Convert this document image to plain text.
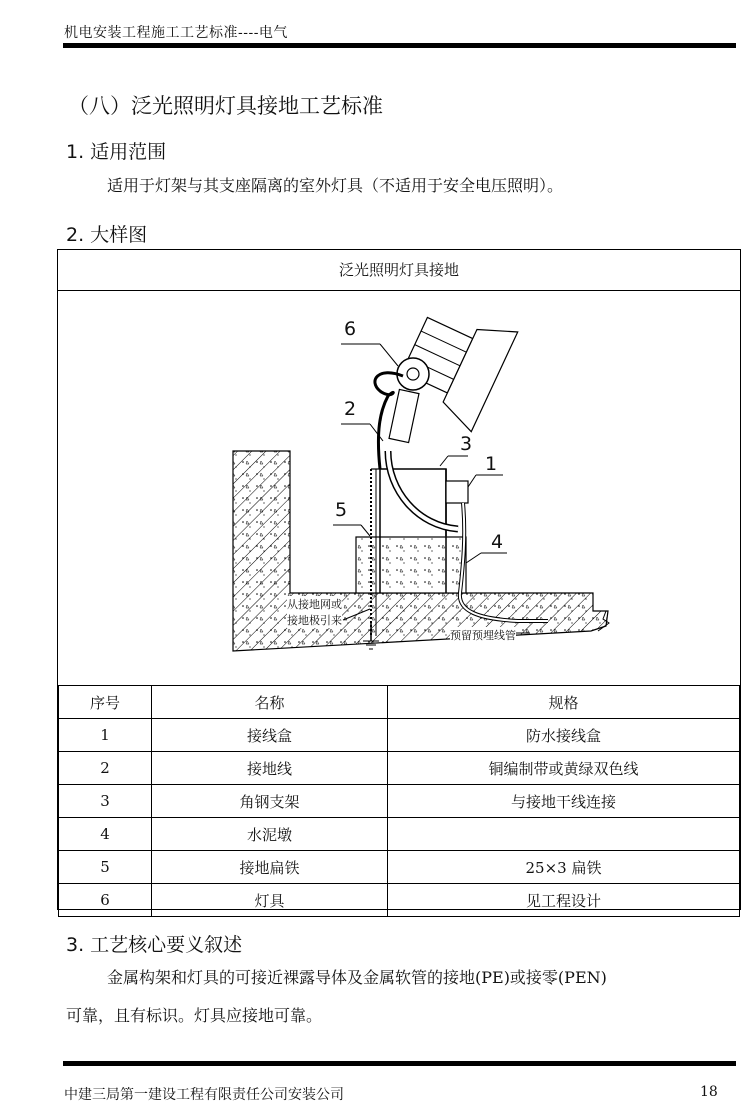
机电安装工程施工工艺标准----电气
（八）泛光照明灯具接地工艺标准
1. 适用范围
适用于灯架与其支座隔离的室外灯具（不适用于安全电压照明）。
2. 大样图
泛光照明灯具接地
6
2
3
1
5
4
从接地网或
接地极引来
预留预埋线管
序号	名称	规格
1	接线盒	防水接线盒
2	接地线	铜编制带或黄绿双色线
3	角钢支架	与接地干线连接
4	水泥墩	
5	接地扁铁	25×3 扁铁
6	灯具	见工程设计
3. 工艺核心要义叙述
金属构架和灯具的可接近裸露导体及金属软管的接地(PE)或接零(PEN)
可靠，且有标识。灯具应接地可靠。
中建三局第一建设工程有限责任公司安装公司	18
